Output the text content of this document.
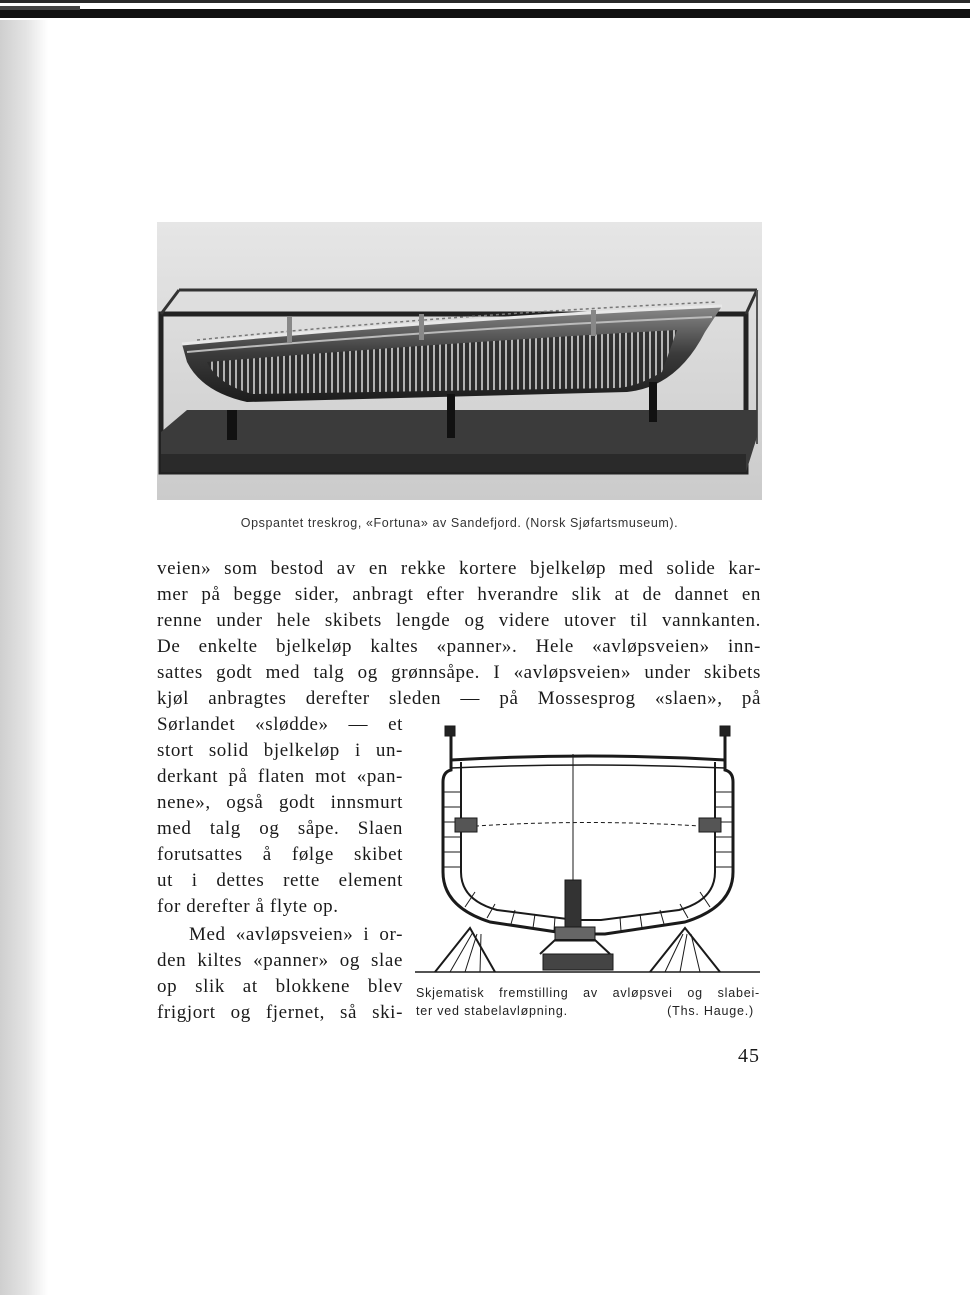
Opspantet treskrog, «Fortuna» av Sandefjord. (Norsk Sjøfartsmuseum).
veien» som bestod av en rekke kortere bjelkeløp med solide kar-
mer på begge sider, anbragt efter hverandre slik at de dannet en
renne under hele skibets lengde og videre utover til vannkanten.
De enkelte bjelkeløp kaltes «panner». Hele «avløpsveien» inn-
sattes godt med talg og grønnsåpe. I «avløpsveien» under skibets
kjøl anbragtes derefter sleden — på Mossesprog «slaen», på
Sørlandet «slødde» — et
stort solid bjelkeløp i un-
derkant på flaten mot «pan-
nene», også godt innsmurt
med talg og såpe. Slaen
forutsattes å følge skibet
ut i dettes rette element
for derefter å flyte op.
Med «avløpsveien» i or-
den kiltes «panner» og slae
op slik at blokkene blev
frigjort og fjernet, så ski-
Skjematisk fremstilling av avløpsvei og slabei-
ter ved stabelavløpning.	(Ths. Hauge.)
45
